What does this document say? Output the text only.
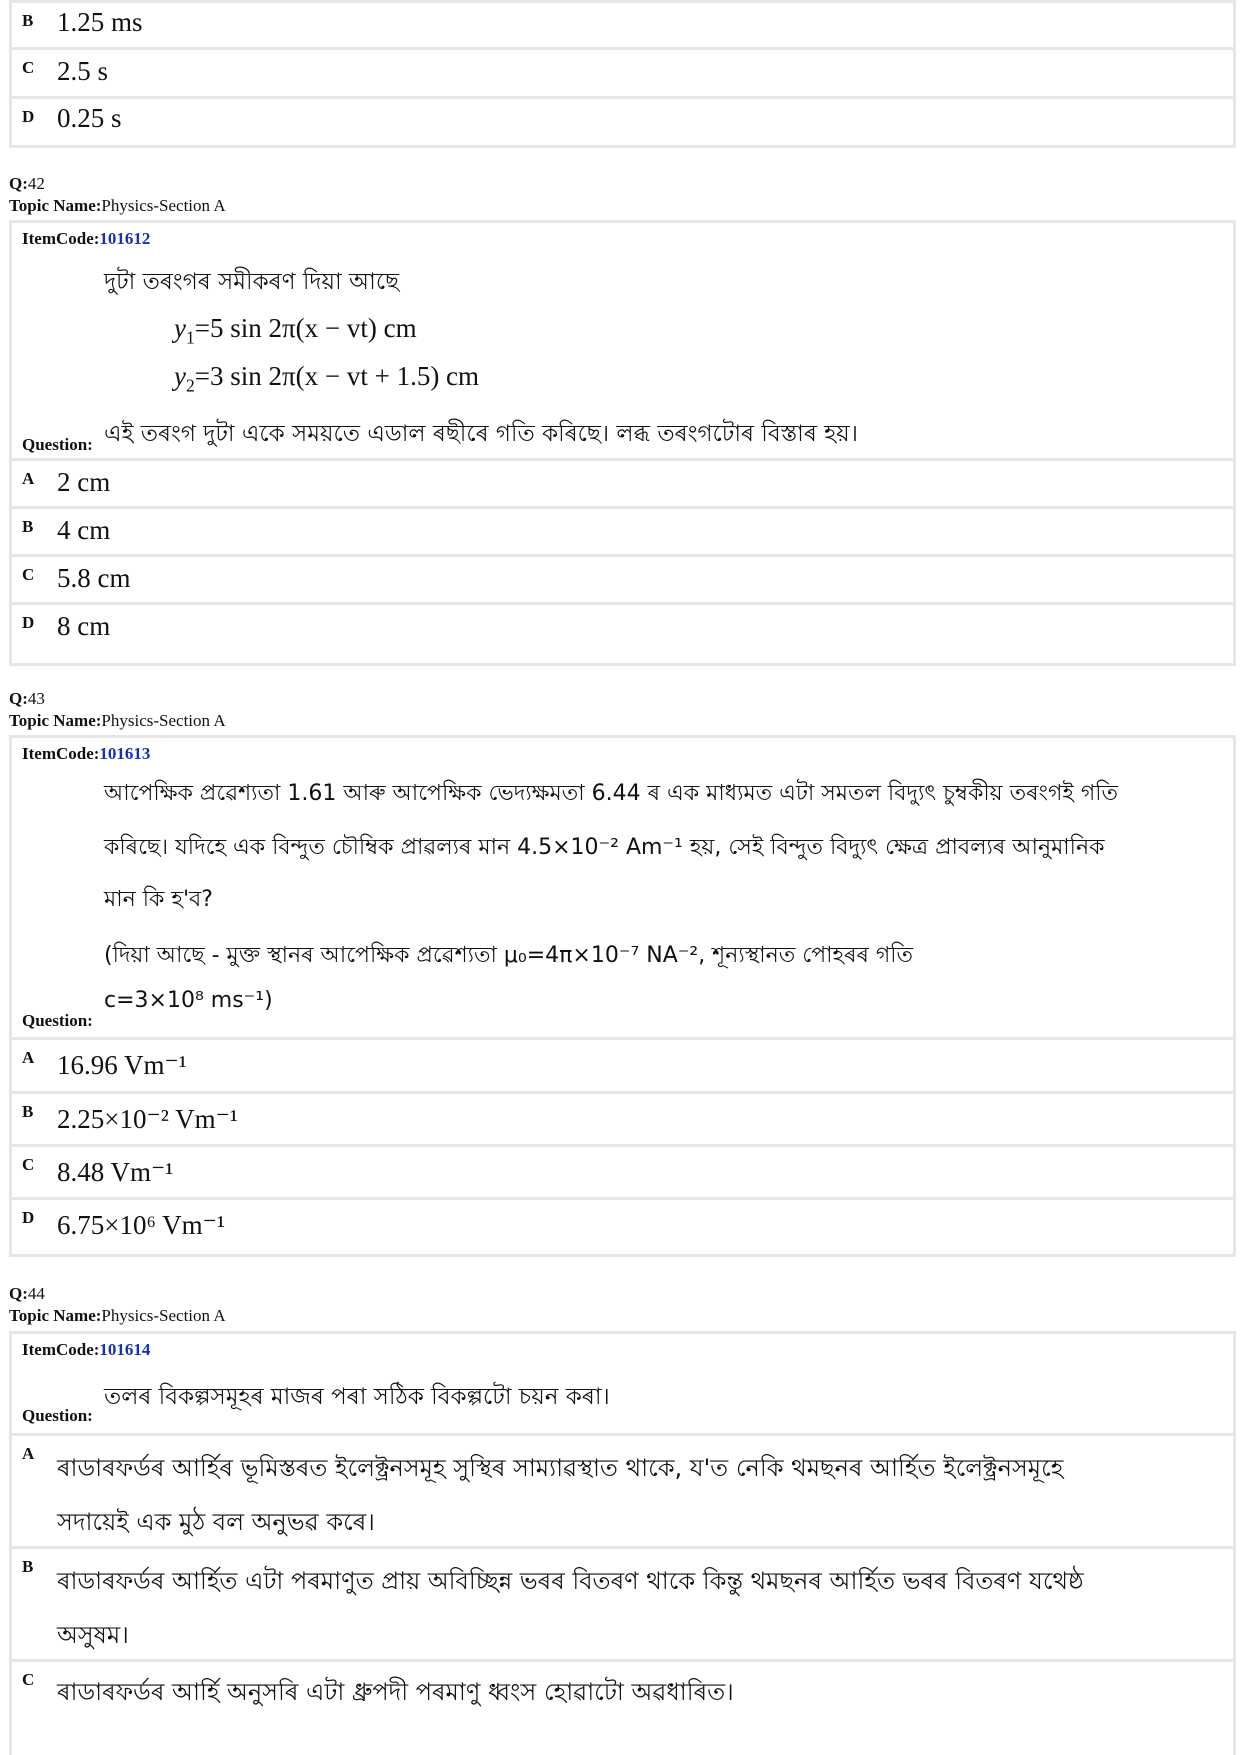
B 1.25 ms
C 2.5 s
D 0.25 s
Q:42
Topic Name:Physics-Section A
ItemCode:101612
দুটা তৰংগৰ সমীকৰণ দিয়া আছে
$y_1=5$ sin 2π(x − vt) cm
$y_2=3$ sin 2π(x − vt + 1.5) cm
এই তৰংগ দুটা একে সময়তে এডাল ৰছীৰে গতি কৰিছে। লব্ধ তৰংগটোৰ বিস্তাৰ হয়।
Question:
A 2 cm
B 4 cm
C 5.8 cm
D 8 cm
Q:43
Topic Name:Physics-Section A
ItemCode:101613
আপেক্ষিক প্ৰৱেশ্যতা 1.61 আৰু আপেক্ষিক ভেদ্যক্ষমতা 6.44 ৰ এক মাধ্যমত এটা সমতল বিদ্যুৎ চুম্বকীয় তৰংগই গতি
কৰিছে। যদিহে এক বিন্দুত চৌম্বিক প্ৰাৱল্যৰ মান 4.5×10⁻² Am⁻¹ হয়, সেই বিন্দুত বিদ্যুৎ ক্ষেত্ৰ প্ৰাবল্যৰ আনুমানিক
মান কি হ'ব?
(দিয়া আছে - মুক্ত স্থানৰ আপেক্ষিক প্ৰৱেশ্যতা μ₀=4π×10⁻⁷ NA⁻², শূন্যস্থানত পোহৰৰ গতি
c=3×10⁸ ms⁻¹)
Question:
A 16.96 Vm⁻¹
B 2.25×10⁻² Vm⁻¹
C 8.48 Vm⁻¹
D 6.75×10⁶ Vm⁻¹
Q:44
Topic Name:Physics-Section A
ItemCode:101614
তলৰ বিকল্পসমূহৰ মাজৰ পৰা সঠিক বিকল্পটো চয়ন কৰা।
Question:
A
ৰাডাৰফৰ্ডৰ আৰ্হিৰ ভূমিস্তৰত ইলেক্ট্ৰনসমূহ সুস্থিৰ সাম্যাৱস্থাত থাকে, য'ত নেকি থমছনৰ আৰ্হিত ইলেক্ট্ৰনসমূহে
সদায়েই এক মুঠ বল অনুভৱ কৰে।
B
ৰাডাৰফৰ্ডৰ আৰ্হিত এটা পৰমাণুত প্ৰায় অবিচ্ছিন্ন ভৰৰ বিতৰণ থাকে কিন্তু থমছনৰ আৰ্হিত ভৰৰ বিতৰণ যথেষ্ঠ
অসুষম।
C ৰাডাৰফৰ্ডৰ আৰ্হি অনুসৰি এটা ধ্ৰুপদী পৰমাণু ধ্বংস হোৱাটো অৱধাৰিত।
